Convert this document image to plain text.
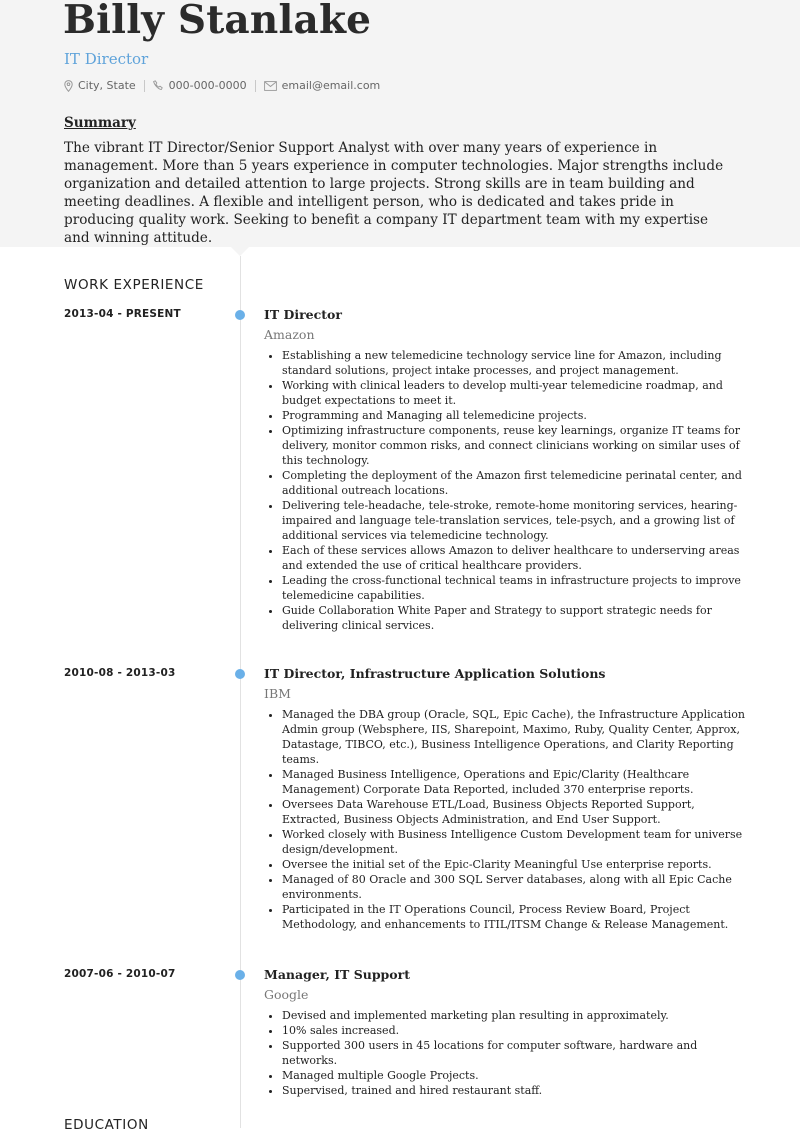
Billy Stanlake
IT Director
City, State	000-000-0000	email@email.com
Summary
The vibrant IT Director/Senior Support Analyst with over many years of experience in management. More than 5 years experience in computer technologies. Major strengths include organization and detailed attention to large projects. Strong skills are in team building and meeting deadlines. A flexible and intelligent person, who is dedicated and takes pride in producing quality work. Seeking to benefit a company IT department team with my expertise and winning attitude.
WORK EXPERIENCE
2013-04 - PRESENT	IT Director
Amazon
• Establishing a new telemedicine technology service line for Amazon, including standard solutions, project intake processes, and project management.
• Working with clinical leaders to develop multi-year telemedicine roadmap, and budget expectations to meet it.
• Programming and Managing all telemedicine projects.
• Optimizing infrastructure components, reuse key learnings, organize IT teams for delivery, monitor common risks, and connect clinicians working on similar uses of this technology.
• Completing the deployment of the Amazon first telemedicine perinatal center, and additional outreach locations.
• Delivering tele-headache, tele-stroke, remote-home monitoring services, hearing-impaired and language tele-translation services, tele-psych, and a growing list of additional services via telemedicine technology.
• Each of these services allows Amazon to deliver healthcare to underserving areas and extended the use of critical healthcare providers.
• Leading the cross-functional technical teams in infrastructure projects to improve telemedicine capabilities.
• Guide Collaboration White Paper and Strategy to support strategic needs for delivering clinical services.
2010-08 - 2013-03	IT Director, Infrastructure Application Solutions
IBM
• Managed the DBA group (Oracle, SQL, Epic Cache), the Infrastructure Application Admin group (Websphere, IIS, Sharepoint, Maximo, Ruby, Quality Center, Approx, Datastage, TIBCO, etc.), Business Intelligence Operations, and Clarity Reporting teams.
• Managed Business Intelligence, Operations and Epic/Clarity (Healthcare Management) Corporate Data Reported, included 370 enterprise reports.
• Oversees Data Warehouse ETL/Load, Business Objects Reported Support, Extracted, Business Objects Administration, and End User Support.
• Worked closely with Business Intelligence Custom Development team for universe design/development.
• Oversee the initial set of the Epic-Clarity Meaningful Use enterprise reports.
• Managed of 80 Oracle and 300 SQL Server databases, along with all Epic Cache environments.
• Participated in the IT Operations Council, Process Review Board, Project Methodology, and enhancements to ITIL/ITSM Change & Release Management.
2007-06 - 2010-07	Manager, IT Support
Google
• Devised and implemented marketing plan resulting in approximately.
• 10% sales increased.
• Supported 300 users in 45 locations for computer software, hardware and networks.
• Managed multiple Google Projects.
• Supervised, trained and hired restaurant staff.
EDUCATION
